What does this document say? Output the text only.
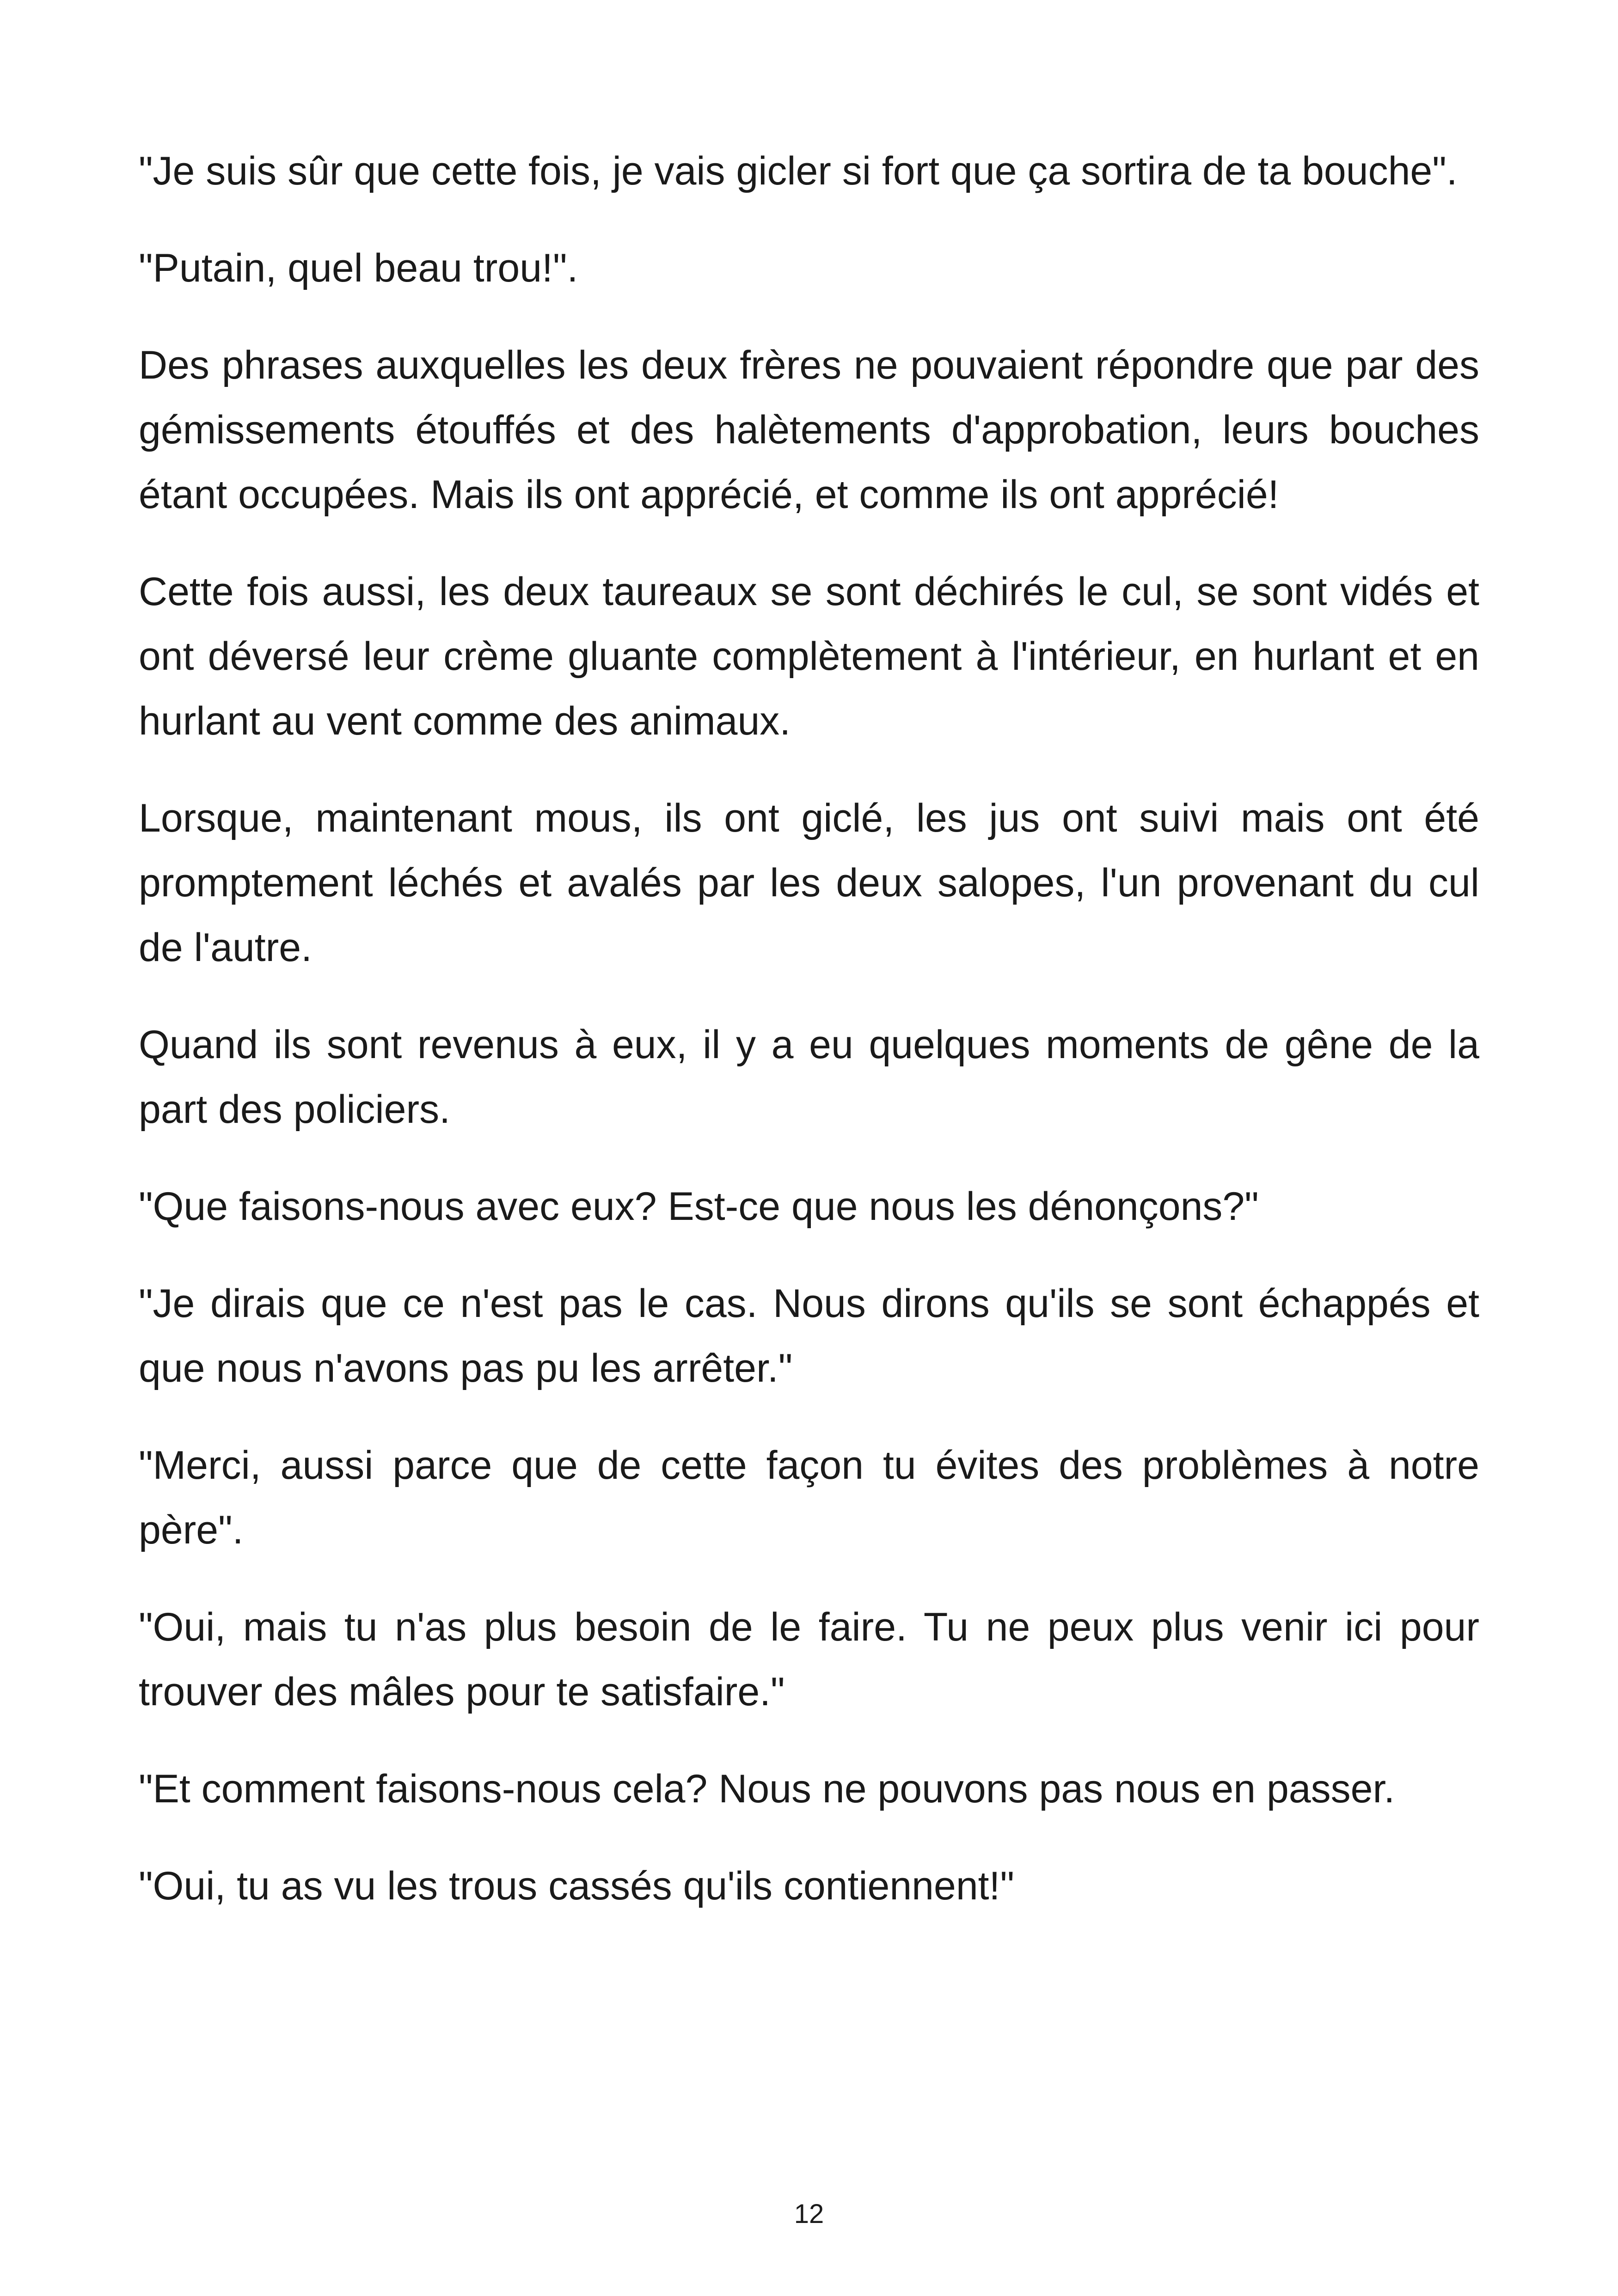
"Je suis sûr que cette fois, je vais gicler si fort que ça sortira de ta bouche".

"Putain, quel beau trou!".

Des phrases auxquelles les deux frères ne pouvaient répondre que par des gémissements étouffés et des halètements d'approbation, leurs bouches étant occupées. Mais ils ont apprécié, et comme ils ont apprécié!

Cette fois aussi, les deux taureaux se sont déchirés le cul, se sont vidés et ont déversé leur crème gluante complètement à l'intérieur, en hurlant et en hurlant au vent comme des animaux.

Lorsque, maintenant mous, ils ont giclé, les jus ont suivi mais ont été promptement léchés et avalés par les deux salopes, l'un provenant du cul de l'autre.

Quand ils sont revenus à eux, il y a eu quelques moments de gêne de la part des policiers.

"Que faisons-nous avec eux? Est-ce que nous les dénonçons?"

"Je dirais que ce n'est pas le cas. Nous dirons qu'ils se sont échappés et que nous n'avons pas pu les arrêter."

"Merci, aussi parce que de cette façon tu évites des problèmes à notre père".

"Oui, mais tu n'as plus besoin de le faire. Tu ne peux plus venir ici pour trouver des mâles pour te satisfaire."

"Et comment faisons-nous cela? Nous ne pouvons pas nous en passer.

"Oui, tu as vu les trous cassés qu'ils contiennent!"

12
